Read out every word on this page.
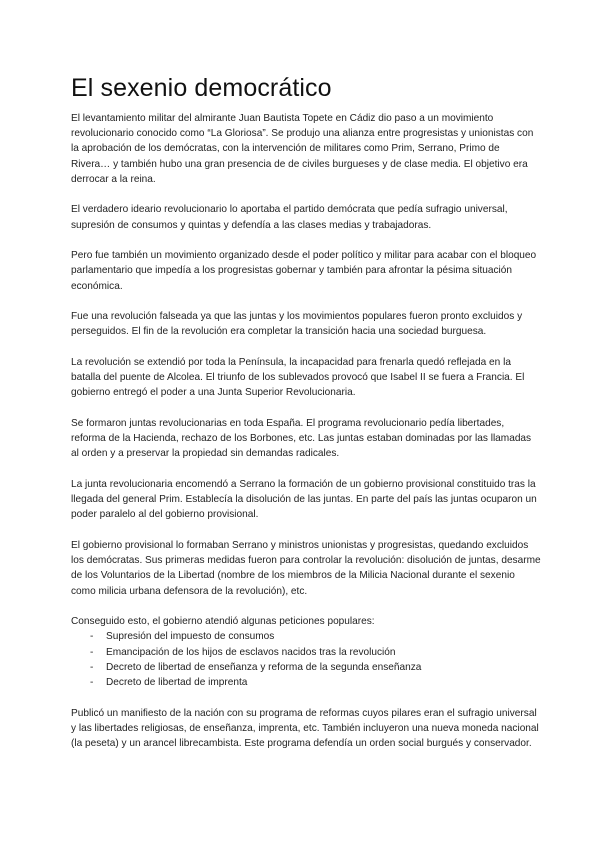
El sexenio democrático

El levantamiento militar del almirante Juan Bautista Topete en Cádiz dio paso a un movimiento revolucionario conocido como “La Gloriosa”. Se produjo una alianza entre progresistas y unionistas con la aprobación de los demócratas, con la intervención de militares como Prim, Serrano, Primo de Rivera… y también hubo una gran presencia de de civiles burgueses y de clase media. El objetivo era derrocar a la reina.

El verdadero ideario revolucionario lo aportaba el partido demócrata que pedía sufragio universal, supresión de consumos y quintas y defendía a las clases medias y trabajadoras.

Pero fue también un movimiento organizado desde el poder político y militar para acabar con el bloqueo parlamentario que impedía a los progresistas gobernar y también para afrontar la pésima situación económica.

Fue una revolución falseada ya que las juntas y los movimientos populares fueron pronto excluidos y perseguidos. El fin de la revolución era completar la transición hacia una sociedad burguesa.

La revolución se extendió por toda la Península, la incapacidad para frenarla quedó reflejada en la batalla del puente de Alcolea. El triunfo de los sublevados provocó que Isabel II se fuera a Francia. El gobierno entregó el poder a una Junta Superior Revolucionaria.

Se formaron juntas revolucionarias en toda España. El programa revolucionario pedía libertades, reforma de la Hacienda, rechazo de los Borbones, etc. Las juntas estaban dominadas por las llamadas al orden y a preservar la propiedad sin demandas radicales.

La junta revolucionaria encomendó a Serrano la formación de un gobierno provisional constituido tras la llegada del general Prim. Establecía la disolución de las juntas. En parte del país las juntas ocuparon un poder paralelo al del gobierno provisional.

El gobierno provisional lo formaban Serrano y ministros unionistas y progresistas, quedando excluidos los demócratas. Sus primeras medidas fueron para controlar la revolución: disolución de juntas, desarme de los Voluntarios de la Libertad (nombre de los miembros de la Milicia Nacional durante el sexenio como milicia urbana defensora de la revolución), etc.

Conseguido esto, el gobierno atendió algunas peticiones populares:

- Supresión del impuesto de consumos
- Emancipación de los hijos de esclavos nacidos tras la revolución
- Decreto de libertad de enseñanza y reforma de la segunda enseñanza
- Decreto de libertad de imprenta

Publicó un manifiesto de la nación con su programa de reformas cuyos pilares eran el sufragio universal y las libertades religiosas, de enseñanza, imprenta, etc. También incluyeron una nueva moneda nacional (la peseta) y un arancel librecambista. Este programa defendía un orden social burgués y conservador.
